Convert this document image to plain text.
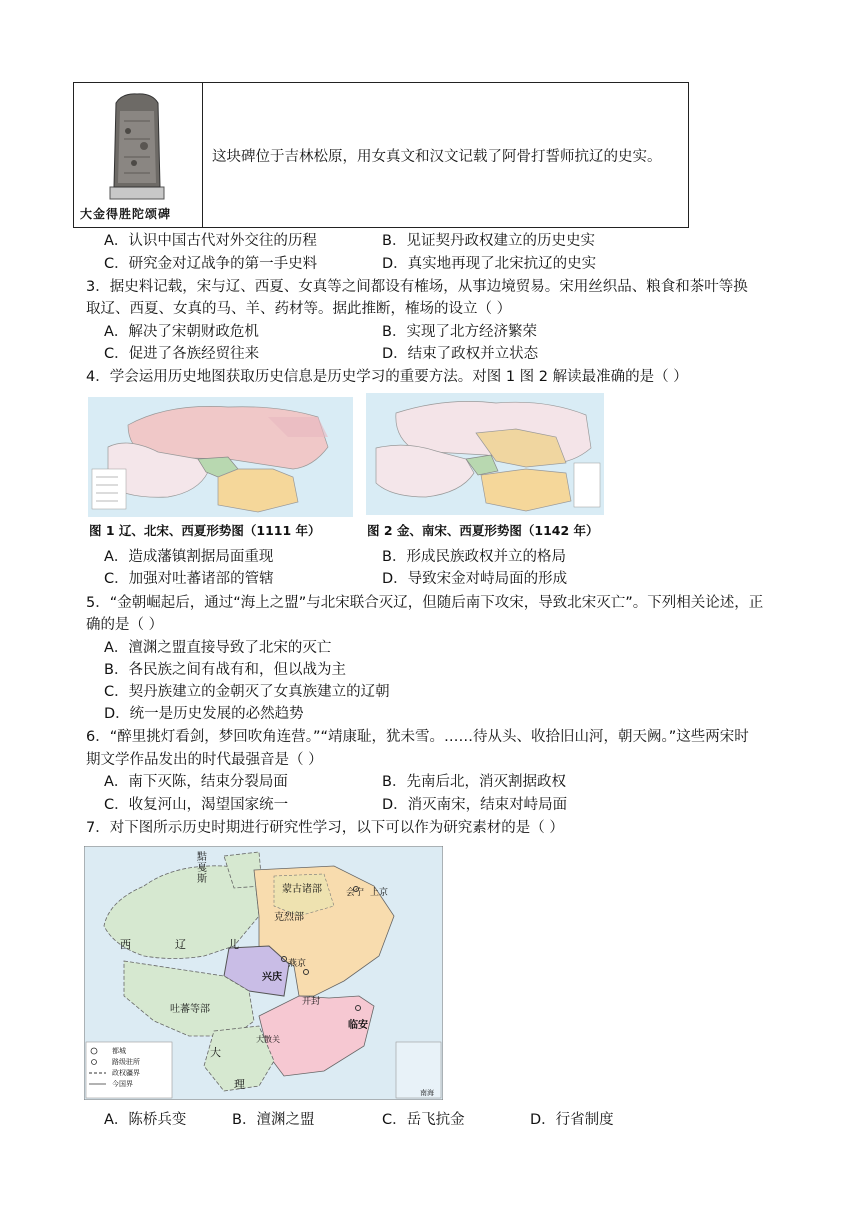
大金得胜陀颂碑
这块碑位于吉林松原，用女真文和汉文记载了阿骨打誓师抗辽的史实。
A．认识中国古代对外交往的历程	B．见证契丹政权建立的历史史实
C．研究金对辽战争的第一手史料	D．真实地再现了北宋抗辽的史实
3．据史料记载，宋与辽、西夏、女真等之间都设有榷场，从事边境贸易。宋用丝织品、粮食和茶叶等换
取辽、西夏、女真的马、羊、药材等。据此推断，榷场的设立（ ）
A．解决了宋朝财政危机	B．实现了北方经济繁荣
C．促进了各族经贸往来	D．结束了政权并立状态
4．学会运用历史地图获取历史信息是历史学习的重要方法。对图 1 图 2 解读最准确的是（ ）
图 1 辽、北宋、西夏形势图（1111 年）	图 2 金、南宋、西夏形势图（1142 年）
A．造成藩镇割据局面重现	B．形成民族政权并立的格局
C．加强对吐蕃诸部的管辖	D．导致宋金对峙局面的形成
5．“金朝崛起后，通过“海上之盟”与北宋联合灭辽，但随后南下攻宋，导致北宋灭亡”。下列相关论述，正
确的是（ ）
A．澶渊之盟直接导致了北宋的灭亡
B．各民族之间有战有和，但以战为主
C．契丹族建立的金朝灭了女真族建立的辽朝
D．统一是历史发展的必然趋势
6．“醉里挑灯看剑，梦回吹角连营。”“靖康耻，犹未雪。……待从头、收拾旧山河，朝天阙。”这些两宋时
期文学作品发出的时代最强音是（ ）
A．南下灭陈，结束分裂局面	B．先南后北，消灭割据政权
C．收复河山，渴望国家统一	D．消灭南宋，结束对峙局面
7．对下图所示历史时期进行研究性学习，以下可以作为研究素材的是（ ）
黠戛斯
克烈部
蒙古诸部
西	辽	儿
兴庆
燕京
吐蕃等部
开封
大散关
临安
大
理
会宁 上京
都城
路级驻所
政权疆界
今国界
南海
A．陈桥兵变	B．澶渊之盟	C．岳飞抗金	D．行省制度
